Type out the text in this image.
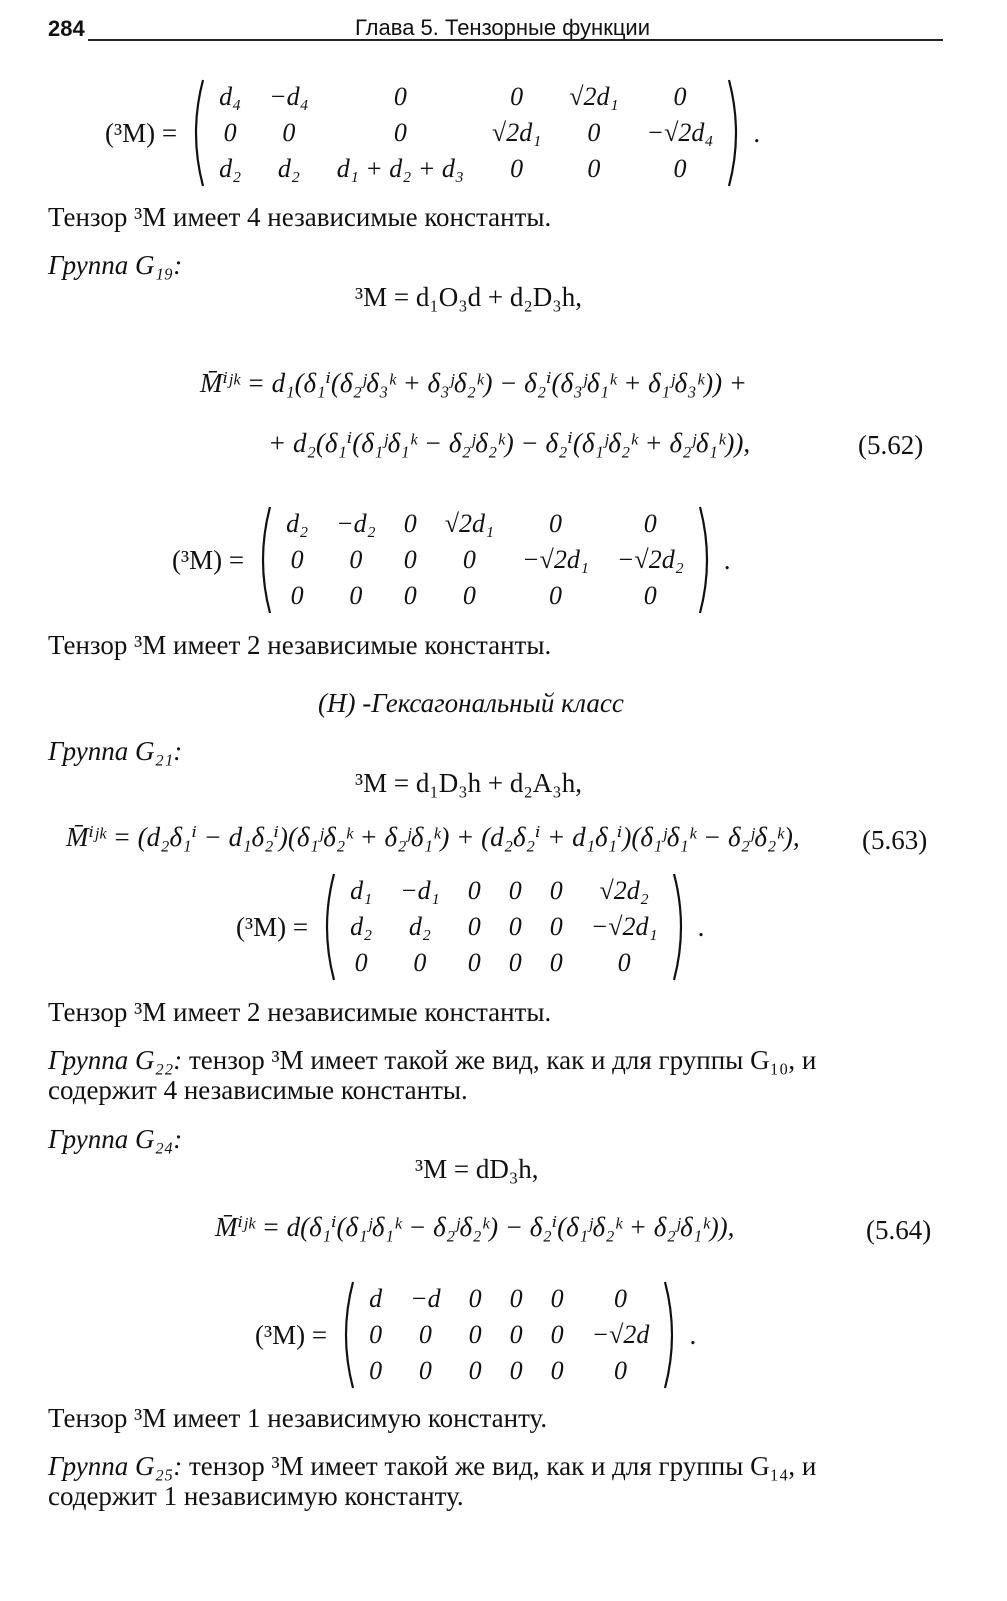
284	Глава 5. Тензорные функции
(³M) =
d₄	−d₄	0	0	√2d₁	0
0	0	0	√2d₁	0	−√2d₄
d₂	d₂	d₁ + d₂ + d₃	0	0	0
.
Тензор ³M имеет 4 независимые константы.
Группа G₁₉:
³M = d₁O₃d + d₂D₃h,
M̄ⁱʲᵏ = d₁(δ₁ⁱ(δ₂ʲδ₃ᵏ + δ₃ʲδ₂ᵏ) − δ₂ⁱ(δ₃ʲδ₁ᵏ + δ₁ʲδ₃ᵏ)) +
+ d₂(δ₁ⁱ(δ₁ʲδ₁ᵏ − δ₂ʲδ₂ᵏ) − δ₂ⁱ(δ₁ʲδ₂ᵏ + δ₂ʲδ₁ᵏ)),	(5.62)
(³M) =
d₂	−d₂	0	√2d₁	0	0
0	0	0	0	−√2d₁	−√2d₂
0	0	0	0	0	0
.
Тензор ³M имеет 2 независимые константы.
(H) -Гексагональный класс
Группа G₂₁:
³M = d₁D₃h + d₂A₃h,
M̄ⁱʲᵏ = (d₂δ₁ⁱ − d₁δ₂ⁱ)(δ₁ʲδ₂ᵏ + δ₂ʲδ₁ᵏ) + (d₂δ₂ⁱ + d₁δ₁ⁱ)(δ₁ʲδ₁ᵏ − δ₂ʲδ₂ᵏ), (5.63)
(³M) =
d₁	−d₁	0	0	0	√2d₂
d₂	d₂	0	0	0	−√2d₁
0	0	0	0	0	0
.
Тензор ³M имеет 2 независимые константы.
Группа G₂₂: тензор ³M имеет такой же вид, как и для группы G₁₀, и
содержит 4 независимые константы.
Группа G₂₄:
³M = dD₃h,
M̄ⁱʲᵏ = d(δ₁ⁱ(δ₁ʲδ₁ᵏ − δ₂ʲδ₂ᵏ) − δ₂ⁱ(δ₁ʲδ₂ᵏ + δ₂ʲδ₁ᵏ)),	(5.64)
(³M) =
d	−d	0	0	0	0
0	0	0	0	0	−√2d
0	0	0	0	0	0
.
Тензор ³M имеет 1 независимую константу.
Группа G₂₅: тензор ³M имеет такой же вид, как и для группы G₁₄, и
содержит 1 независимую константу.
